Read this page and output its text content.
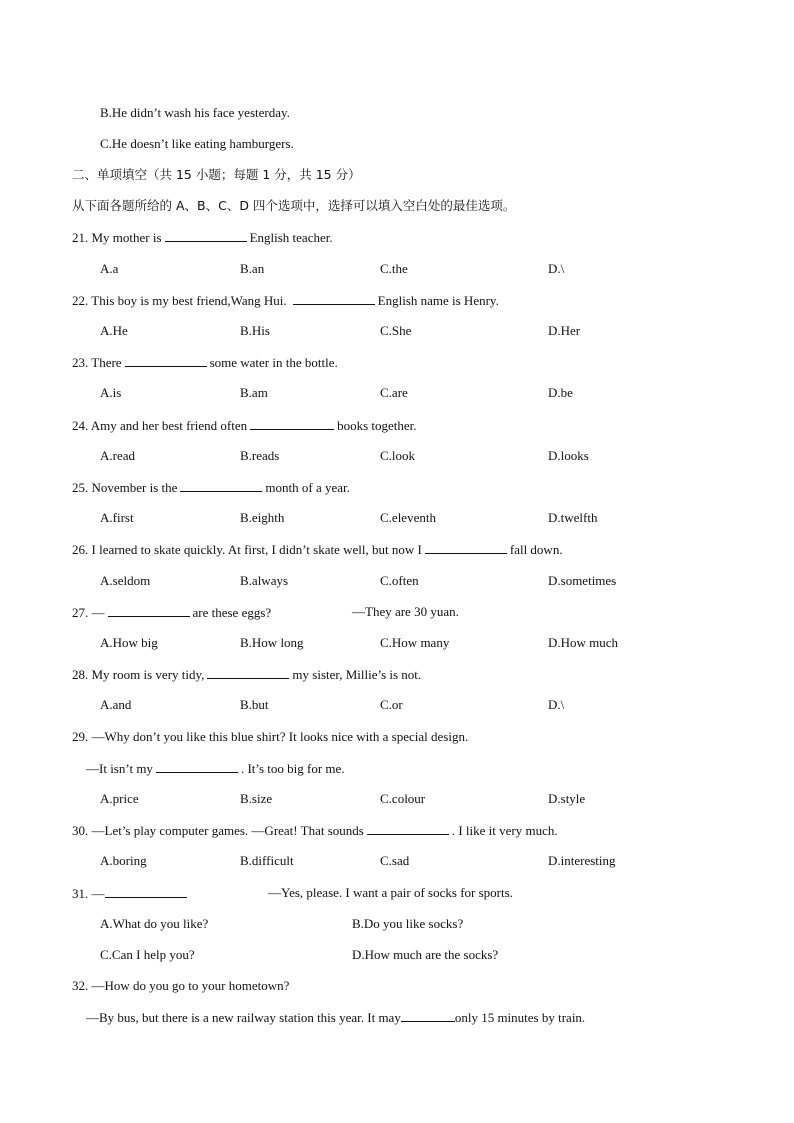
B.He didn’t wash his face yesterday.
C.He doesn’t like eating hamburgers.
二、单项填空（共 15 小题；每题 1 分，共 15 分）
从下面各题所给的 A、B、C、D 四个选项中，选择可以填入空白处的最佳选项。
21. My mother is	English teacher.
A.a	B.an	C.the	D.\
22. This boy is my best friend,Wang Hui.	English name is Henry.
A.He	B.His	C.She	D.Her
23. There	some water in the bottle.
A.is	B.am	C.are	D.be
24. Amy and her best friend often	books together.
A.read	B.reads	C.look	D.looks
25. November is the	month of a year.
A.first	B.eighth	C.eleventh	D.twelfth
26. I learned to skate quickly. At first, I didn’t skate well, but now I	fall down.
A.seldom	B.always	C.often	D.sometimes
27. —	are these eggs?	—They are 30 yuan.
A.How big	B.How long	C.How many	D.How much
28. My room is very tidy,	my sister, Millie’s is not.
A.and	B.but	C.or	D.\
29. —Why don’t you like this blue shirt? It looks nice with a special design.
—It isn’t my	. It’s too big for me.
A.price	B.size	C.colour	D.style
30. —Let’s play computer games. —Great! That sounds	. I like it very much.
A.boring	B.difficult	C.sad	D.interesting
31. —	—Yes, please. I want a pair of socks for sports.
A.What do you like?	B.Do you like socks?
C.Can I help you?	D.How much are the socks?
32. —How do you go to your hometown?
—By bus, but there is a new railway station this year. It may	only 15 minutes by train.
